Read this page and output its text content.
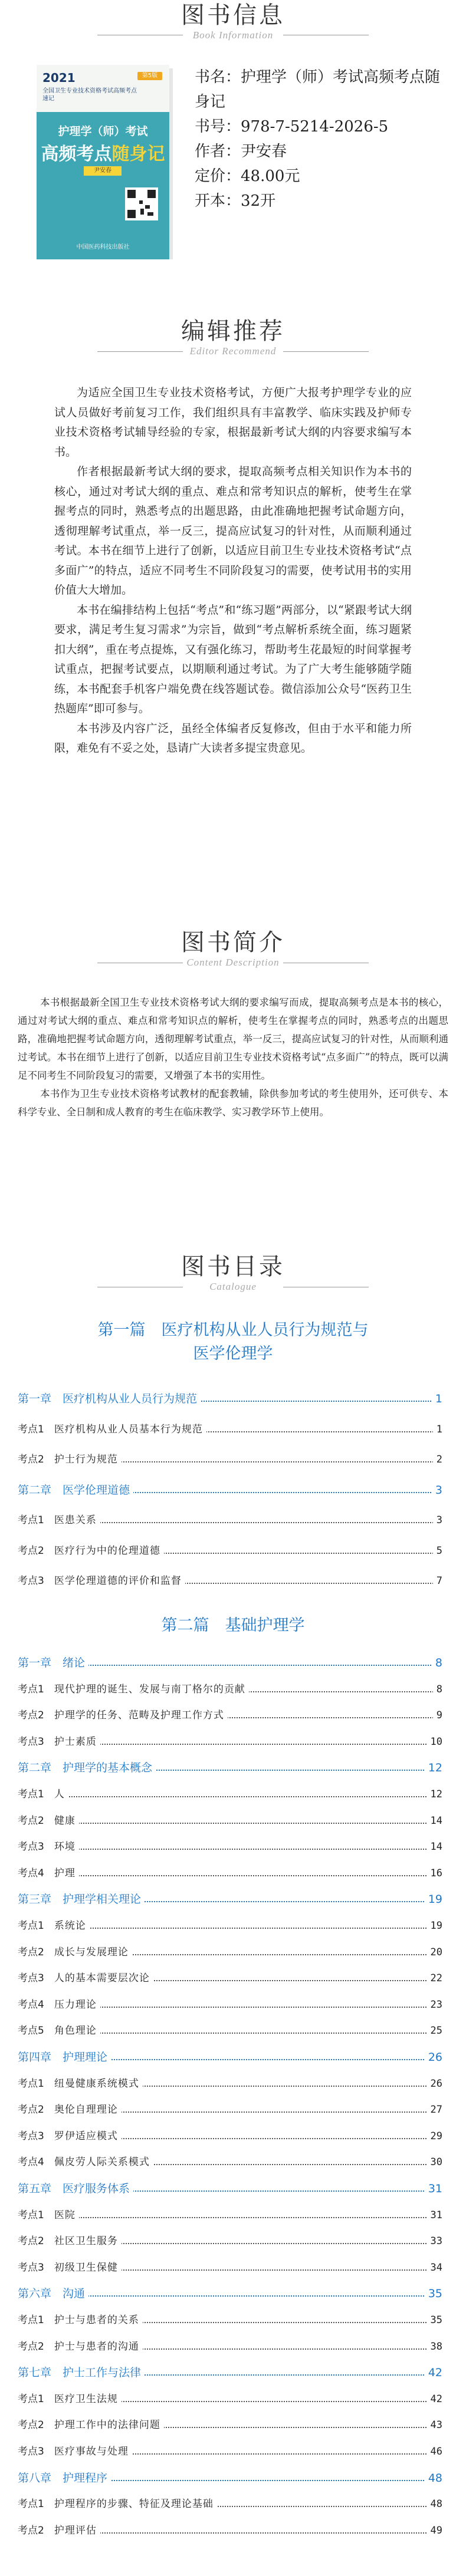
图书信息
Book Information
2021
全国卫生专业技术资格考试高频考点速记
第5版
护理学（师）考试
高频考点随身记
尹安春
中国医药科技出版社
书名：护理学（师）考试高频考点随身记
书号：978-7-5214-2026-5
作者：尹安春
定价：48.00元
开本：32开
编辑推荐
Editor Recommend

为适应全国卫生专业技术资格考试，方便广大报考护理学专业的应试人员做好考前复习工作，我们组织具有丰富教学、临床实践及护师专业技术资格考试辅导经验的专家，根据最新考试大纲的内容要求编写本书。

作者根据最新考试大纲的要求，提取高频考点相关知识作为本书的核心，通过对考试大纲的重点、难点和常考知识点的解析，使考生在掌握考点的同时，熟悉考点的出题思路，由此准确地把握考试命题方向，透彻理解考试重点，举一反三，提高应试复习的针对性，从而顺利通过考试。本书在细节上进行了创新，以适应目前卫生专业技术资格考试“点多面广”的特点，适应不同考生不同阶段复习的需要，使考试用书的实用价值大大增加。

本书在编排结构上包括“考点”和“练习题”两部分，以“紧跟考试大纲要求，满足考生复习需求”为宗旨，做到“考点解析系统全面，练习题紧扣大纲”，重在考点提炼，又有强化练习，帮助考生花最短的时间掌握考试重点，把握考试要点，以期顺利通过考试。为了广大考生能够随学随练，本书配套手机客户端免费在线答题试卷。微信添加公众号“医药卫生热题库”即可参与。

本书涉及内容广泛，虽经全体编者反复修改，但由于水平和能力所限，难免有不妥之处，恳请广大读者多提宝贵意见。

图书简介
Content Description

本书根据最新全国卫生专业技术资格考试大纲的要求编写而成，提取高频考点是本书的核心，通过对考试大纲的重点、难点和常考知识点的解析，使考生在掌握考点的同时，熟悉考点的出题思路，准确地把握考试命题方向，透彻理解考试重点，举一反三，提高应试复习的针对性，从而顺利通过考试。本书在细节上进行了创新，以适应目前卫生专业技术资格考试“点多面广”的特点，既可以满足不同考生不同阶段复习的需要，又增强了本书的实用性。

本书作为卫生专业技术资格考试教材的配套教辅，除供参加考试的考生使用外，还可供专、本科学专业、全日制和成人教育的考生在临床教学、实习教学环节上使用。

图书目录
Catalogue
第一篇　医疗机构从业人员行为规范与
医学伦理学
第一章　 医疗机构从业人员行为规范	1
考点1　 医疗机构从业人员基本行为规范	1
考点2　 护士行为规范	2
第二章　 医学伦理道德	3
考点1　 医患关系	3
考点2　 医疗行为中的伦理道德	5
考点3　 医学伦理道德的评价和监督	7
第二篇　基础护理学
第一章　 绪论	8
考点1　 现代护理的诞生、发展与南丁格尔的贡献	8
考点2　 护理学的任务、范畴及护理工作方式	9
考点3　 护士素质	10
第二章　 护理学的基本概念	12
考点1　 人	12
考点2　 健康	14
考点3　 环境	14
考点4　 护理	16
第三章　 护理学相关理论	19
考点1　 系统论	19
考点2　 成长与发展理论	20
考点3　 人的基本需要层次论	22
考点4　 压力理论	23
考点5　 角色理论	25
第四章　 护理理论	26
考点1　 纽曼健康系统模式	26
考点2　 奥伦自理理论	27
考点3　 罗伊适应模式	29
考点4　 佩皮劳人际关系模式	30
第五章　 医疗服务体系	31
考点1　 医院	31
考点2　 社区卫生服务	33
考点3　 初级卫生保健	34
第六章　 沟通	35
考点1　 护士与患者的关系	35
考点2　 护士与患者的沟通	38
第七章　 护士工作与法律	42
考点1　 医疗卫生法规	42
考点2　 护理工作中的法律问题	43
考点3　 医疗事故与处理	46
第八章　 护理程序	48
考点1　 护理程序的步骤、特征及理论基础	48
考点2　 护理评估	49
